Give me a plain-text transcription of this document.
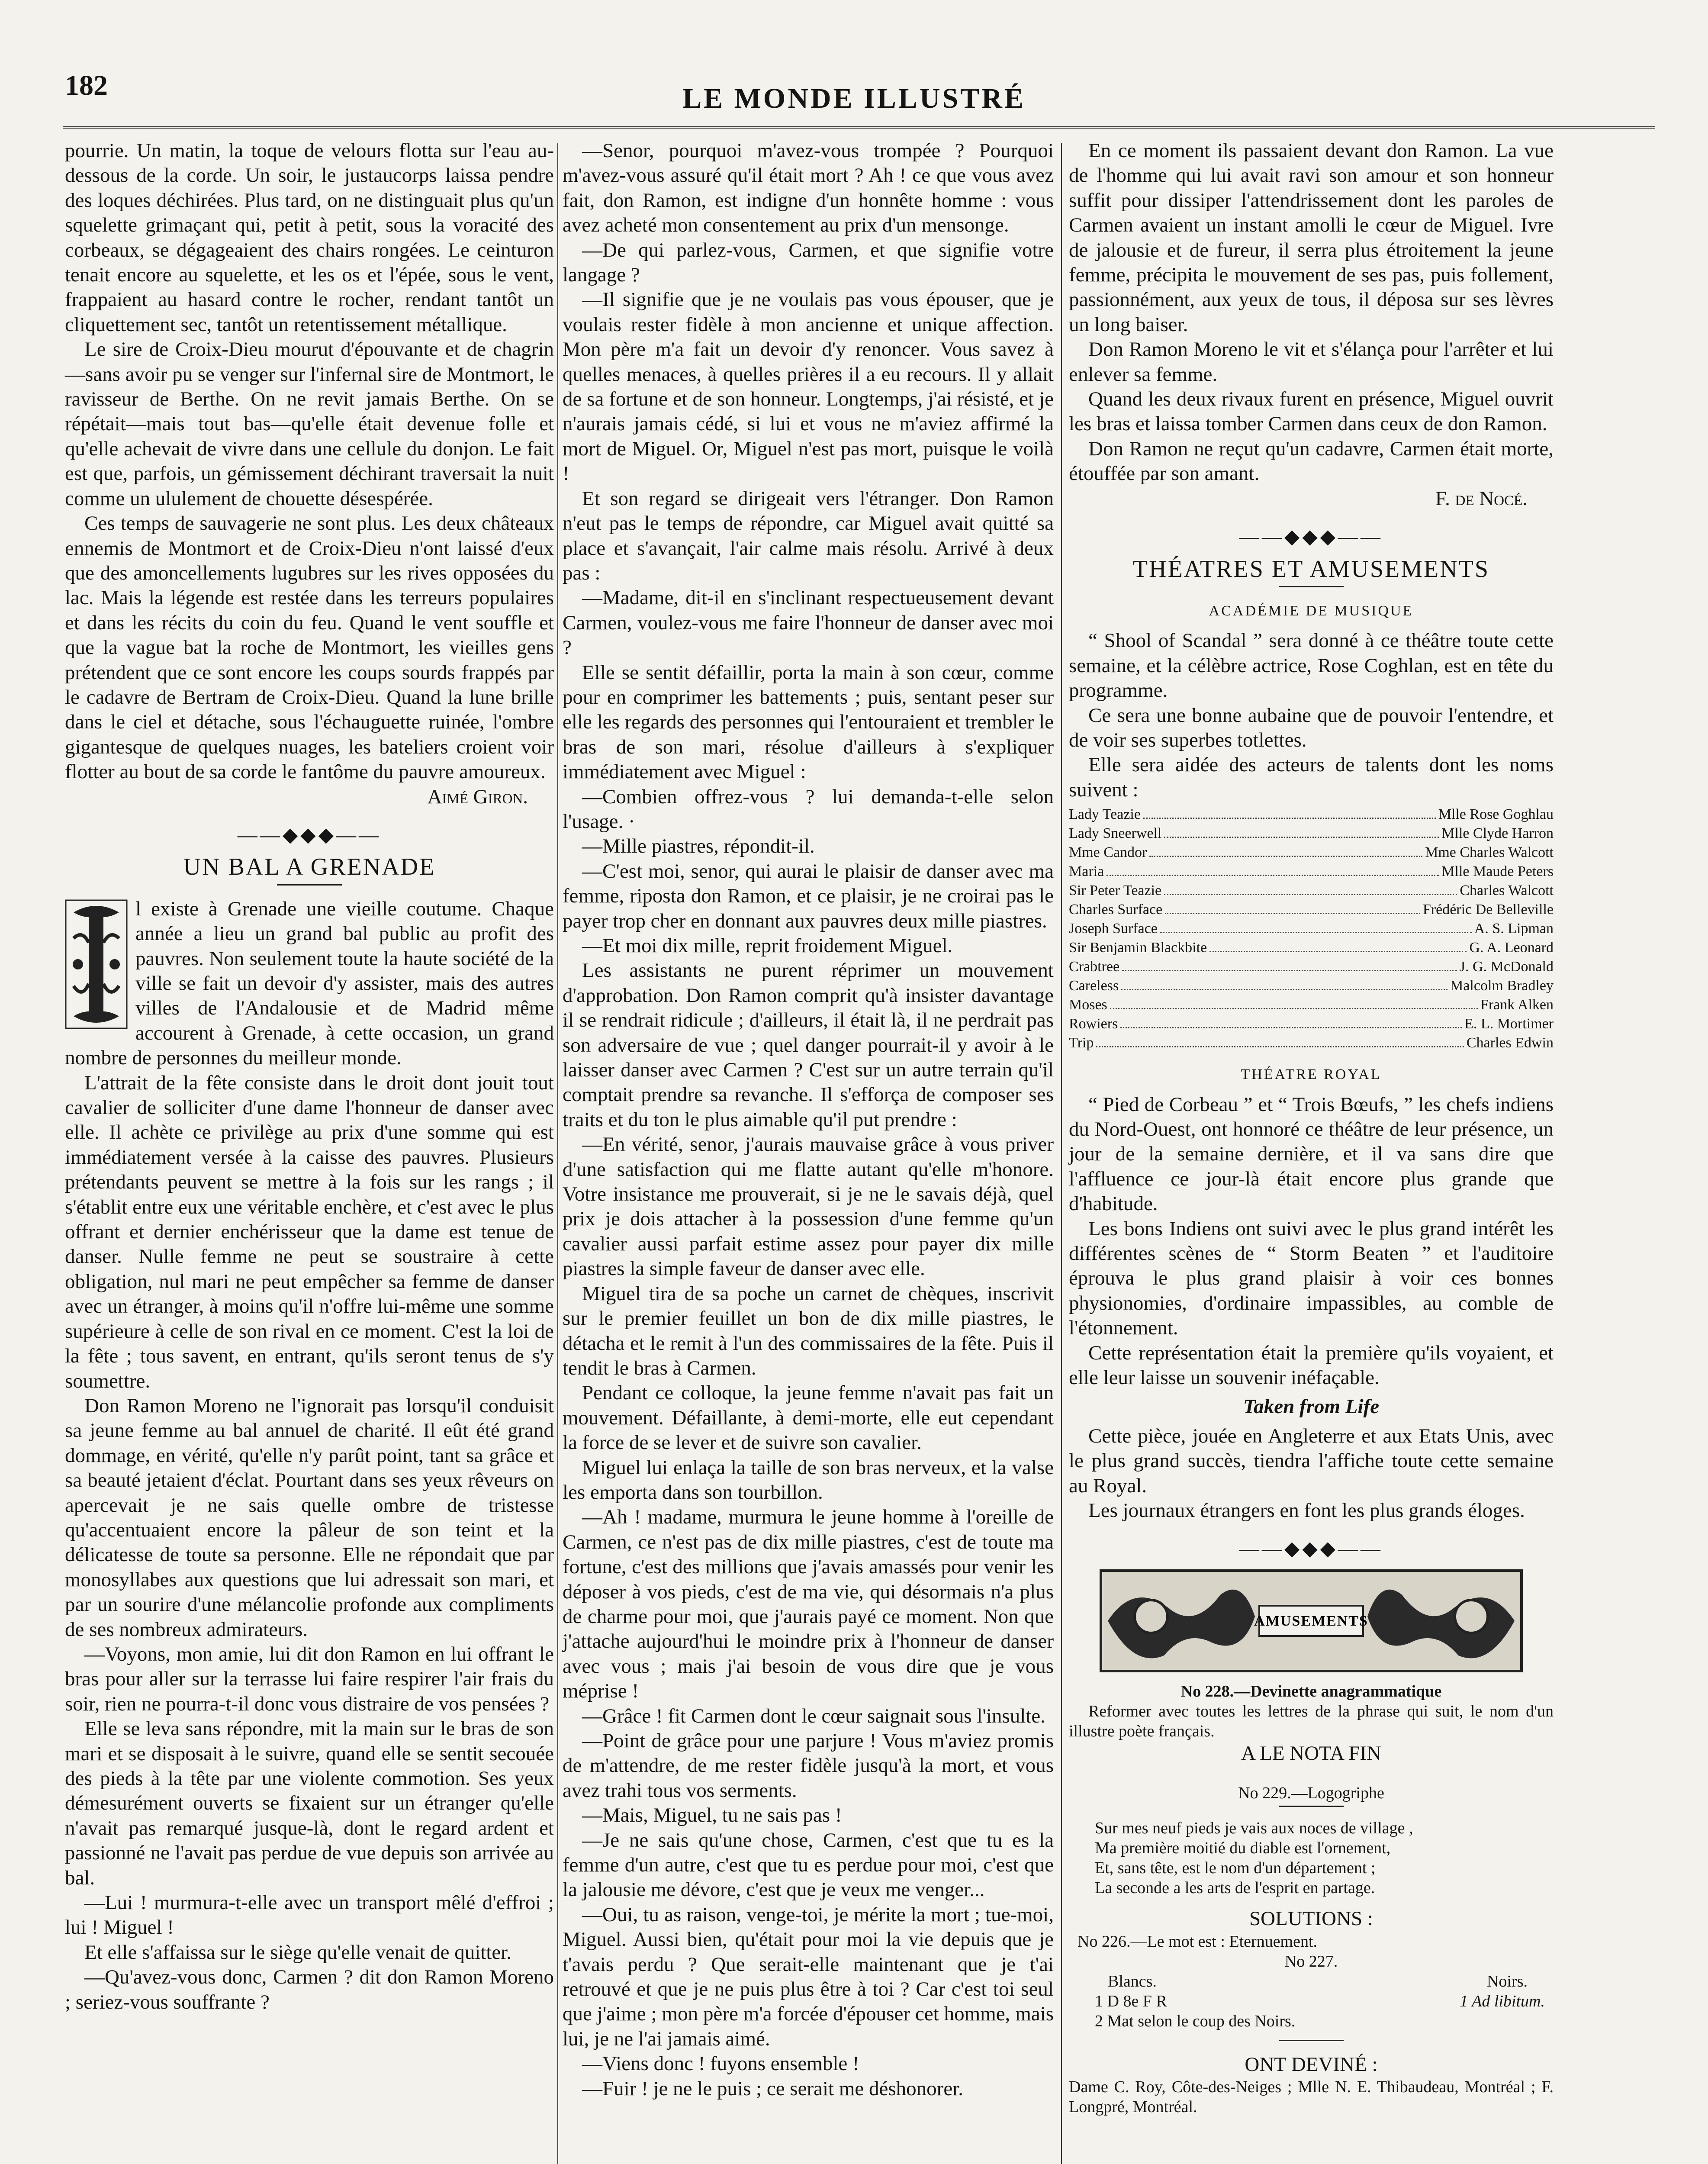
182	LE MONDE ILLUSTRÉ

pourrie. Un matin, la toque de velours flotta sur l'eau au-dessous de la corde. Un soir, le justaucorps laissa pendre des loques déchirées. Plus tard, on ne distinguait plus qu'un squelette grimaçant qui, petit à petit, sous la voracité des corbeaux, se dégageaient des chairs rongées. Le ceinturon tenait encore au squelette, et les os et l'épée, sous le vent, frappaient au hasard contre le rocher, rendant tantôt un cliquettement sec, tantôt un retentissement métallique.

Le sire de Croix-Dieu mourut d'épouvante et de chagrin—sans avoir pu se venger sur l'infernal sire de Montmort, le ravisseur de Berthe. On ne revit jamais Berthe. On se répétait—mais tout bas—qu'elle était devenue folle et qu'elle achevait de vivre dans une cellule du donjon. Le fait est que, parfois, un gémissement déchirant traversait la nuit comme un ululement de chouette désespérée.

Ces temps de sauvagerie ne sont plus. Les deux châteaux ennemis de Montmort et de Croix-Dieu n'ont laissé d'eux que des amoncellements lugubres sur les rives opposées du lac. Mais la légende est restée dans les terreurs populaires et dans les récits du coin du feu. Quand le vent souffle et que la vague bat la roche de Montmort, les vieilles gens prétendent que ce sont encore les coups sourds frappés par le cadavre de Bertram de Croix-Dieu. Quand la lune brille dans le ciel et détache, sous l'échauguette ruinée, l'ombre gigantesque de quelques nuages, les bateliers croient voir flotter au bout de sa corde le fantôme du pauvre amoureux.

Aimé Giron.
——◆◆◆——
UN BAL A GRENADE

l existe à Grenade une vieille coutume. Chaque année a lieu un grand bal public au profit des pauvres. Non seulement toute la haute société de la ville se fait un devoir d'y assister, mais des autres villes de l'Andalousie et de Madrid même accourent à Grenade, à cette occasion, un grand nombre de personnes du meilleur monde.

L'attrait de la fête consiste dans le droit dont jouit tout cavalier de solliciter d'une dame l'honneur de danser avec elle. Il achète ce privilège au prix d'une somme qui est immédiatement versée à la caisse des pauvres. Plusieurs prétendants peuvent se mettre à la fois sur les rangs ; il s'établit entre eux une véritable enchère, et c'est avec le plus offrant et dernier enchérisseur que la dame est tenue de danser. Nulle femme ne peut se soustraire à cette obligation, nul mari ne peut empêcher sa femme de danser avec un étranger, à moins qu'il n'offre lui-même une somme supérieure à celle de son rival en ce moment. C'est la loi de la fête ; tous savent, en entrant, qu'ils seront tenus de s'y soumettre.

Don Ramon Moreno ne l'ignorait pas lorsqu'il conduisit sa jeune femme au bal annuel de charité. Il eût été grand dommage, en vérité, qu'elle n'y parût point, tant sa grâce et sa beauté jetaient d'éclat. Pourtant dans ses yeux rêveurs on apercevait je ne sais quelle ombre de tristesse qu'accentuaient encore la pâleur de son teint et la délicatesse de toute sa personne. Elle ne répondait que par monosyllabes aux questions que lui adressait son mari, et par un sourire d'une mélancolie profonde aux compliments de ses nombreux admirateurs.

—Voyons, mon amie, lui dit don Ramon en lui offrant le bras pour aller sur la terrasse lui faire respirer l'air frais du soir, rien ne pourra-t-il donc vous distraire de vos pensées ?

Elle se leva sans répondre, mit la main sur le bras de son mari et se disposait à le suivre, quand elle se sentit secouée des pieds à la tête par une violente commotion. Ses yeux démesurément ouverts se fixaient sur un étranger qu'elle n'avait pas remarqué jusque-là, dont le regard ardent et passionné ne l'avait pas perdue de vue depuis son arrivée au bal.

—Lui ! murmura-t-elle avec un transport mêlé d'effroi ; lui ! Miguel !

Et elle s'affaissa sur le siège qu'elle venait de quitter.

—Qu'avez-vous donc, Carmen ? dit don Ramon Moreno ; seriez-vous souffrante ?

—Senor, pourquoi m'avez-vous trompée ? Pourquoi m'avez-vous assuré qu'il était mort ? Ah ! ce que vous avez fait, don Ramon, est indigne d'un honnête homme : vous avez acheté mon consentement au prix d'un mensonge.

—De qui parlez-vous, Carmen, et que signifie votre langage ?

—Il signifie que je ne voulais pas vous épouser, que je voulais rester fidèle à mon ancienne et unique affection. Mon père m'a fait un devoir d'y renoncer. Vous savez à quelles menaces, à quelles prières il a eu recours. Il y allait de sa fortune et de son honneur. Longtemps, j'ai résisté, et je n'aurais jamais cédé, si lui et vous ne m'aviez affirmé la mort de Miguel. Or, Miguel n'est pas mort, puisque le voilà !

Et son regard se dirigeait vers l'étranger. Don Ramon n'eut pas le temps de répondre, car Miguel avait quitté sa place et s'avançait, l'air calme mais résolu. Arrivé à deux pas :

—Madame, dit-il en s'inclinant respectueusement devant Carmen, voulez-vous me faire l'honneur de danser avec moi ?

Elle se sentit défaillir, porta la main à son cœur, comme pour en comprimer les battements ; puis, sentant peser sur elle les regards des personnes qui l'entouraient et trembler le bras de son mari, résolue d'ailleurs à s'expliquer immédiatement avec Miguel :

—Combien offrez-vous ? lui demanda-t-elle selon l'usage. ·

—Mille piastres, répondit-il.

—C'est moi, senor, qui aurai le plaisir de danser avec ma femme, riposta don Ramon, et ce plaisir, je ne croirai pas le payer trop cher en donnant aux pauvres deux mille piastres.

—Et moi dix mille, reprit froidement Miguel.

Les assistants ne purent réprimer un mouvement d'approbation. Don Ramon comprit qu'à insister davantage il se rendrait ridicule ; d'ailleurs, il était là, il ne perdrait pas son adversaire de vue ; quel danger pourrait-il y avoir à le laisser danser avec Carmen ? C'est sur un autre terrain qu'il comptait prendre sa revanche. Il s'efforça de composer ses traits et du ton le plus aimable qu'il put prendre :

—En vérité, senor, j'aurais mauvaise grâce à vous priver d'une satisfaction qui me flatte autant qu'elle m'honore. Votre insistance me prouverait, si je ne le savais déjà, quel prix je dois attacher à la possession d'une femme qu'un cavalier aussi parfait estime assez pour payer dix mille piastres la simple faveur de danser avec elle.

Miguel tira de sa poche un carnet de chèques, inscrivit sur le premier feuillet un bon de dix mille piastres, le détacha et le remit à l'un des commissaires de la fête. Puis il tendit le bras à Carmen.

Pendant ce colloque, la jeune femme n'avait pas fait un mouvement. Défaillante, à demi-morte, elle eut cependant la force de se lever et de suivre son cavalier.

Miguel lui enlaça la taille de son bras nerveux, et la valse les emporta dans son tourbillon.

—Ah ! madame, murmura le jeune homme à l'oreille de Carmen, ce n'est pas de dix mille piastres, c'est de toute ma fortune, c'est des millions que j'avais amassés pour venir les déposer à vos pieds, c'est de ma vie, qui désormais n'a plus de charme pour moi, que j'aurais payé ce moment. Non que j'attache aujourd'hui le moindre prix à l'honneur de danser avec vous ; mais j'ai besoin de vous dire que je vous méprise !

—Grâce ! fit Carmen dont le cœur saignait sous l'insulte.

—Point de grâce pour une parjure ! Vous m'aviez promis de m'attendre, de me rester fidèle jusqu'à la mort, et vous avez trahi tous vos serments.

—Mais, Miguel, tu ne sais pas !

—Je ne sais qu'une chose, Carmen, c'est que tu es la femme d'un autre, c'est que tu es perdue pour moi, c'est que la jalousie me dévore, c'est que je veux me venger...

—Oui, tu as raison, venge-toi, je mérite la mort ; tue-moi, Miguel. Aussi bien, qu'était pour moi la vie depuis que je t'avais perdu ? Que serait-elle maintenant que je t'ai retrouvé et que je ne puis plus être à toi ? Car c'est toi seul que j'aime ; mon père m'a forcée d'épouser cet homme, mais lui, je ne l'ai jamais aimé.

—Viens donc ! fuyons ensemble !

—Fuir ! je ne le puis ; ce serait me déshonorer.

En ce moment ils passaient devant don Ramon. La vue de l'homme qui lui avait ravi son amour et son honneur suffit pour dissiper l'attendrissement dont les paroles de Carmen avaient un instant amolli le cœur de Miguel. Ivre de jalousie et de fureur, il serra plus étroitement la jeune femme, précipita le mouvement de ses pas, puis follement, passionnément, aux yeux de tous, il déposa sur ses lèvres un long baiser.

Don Ramon Moreno le vit et s'élança pour l'arrêter et lui enlever sa femme.

Quand les deux rivaux furent en présence, Miguel ouvrit les bras et laissa tomber Carmen dans ceux de don Ramon.

Don Ramon ne reçut qu'un cadavre, Carmen était morte, étouffée par son amant.

F. de Nocé.
——◆◆◆——
THÉATRES ET AMUSEMENTS
ACADÉMIE DE MUSIQUE

“ Shool of Scandal ” sera donné à ce théâtre toute cette semaine, et la célèbre actrice, Rose Coghlan, est en tête du programme.

Ce sera une bonne aubaine que de pouvoir l'entendre, et de voir ses superbes totlettes.

Elle sera aidée des acteurs de talents dont les noms suivent :

Lady Teazie	Mlle Rose Goghlau
Lady Sneerwell	Mlle Clyde Harron
Mme Candor	Mme Charles Walcott
Maria	Mlle Maude Peters
Sir Peter Teazie	Charles Walcott
Charles Surface	Frédéric De Belleville
Joseph Surface	A. S. Lipman
Sir Benjamin Blackbite	G. A. Leonard
Crabtree	J. G. McDonald
Careless	Malcolm Bradley
Moses	Frank Alken
Rowiers	E. L. Mortimer
Trip	Charles Edwin
THÉATRE ROYAL

“ Pied de Corbeau ” et “ Trois Bœufs, ” les chefs indiens du Nord-Ouest, ont honnoré ce théâtre de leur présence, un jour de la semaine dernière, et il va sans dire que l'affluence ce jour-là était encore plus grande que d'habitude.

Les bons Indiens ont suivi avec le plus grand intérêt les différentes scènes de “ Storm Beaten ” et l'auditoire éprouva le plus grand plaisir à voir ces bonnes physionomies, d'ordinaire impassibles, au comble de l'étonnement.

Cette représentation était la première qu'ils voyaient, et elle leur laisse un souvenir inéfaçable.

Taken from Life

Cette pièce, jouée en Angleterre et aux Etats Unis, avec le plus grand succès, tiendra l'affiche toute cette semaine au Royal.

Les journaux étrangers en font les plus grands éloges.

——◆◆◆——
AMUSEMENTS
No 228.—Devinette anagrammatique

Reformer avec toutes les lettres de la phrase qui suit, le nom d'un illustre poète français.

A LE NOTA FIN
No 229.—Logogriphe
Sur mes neuf pieds je vais aux noces de village ,
Ma première moitié du diable est l'ornement,
Et, sans tête, est le nom d'un département ;
La seconde a les arts de l'esprit en partage.
SOLUTIONS :
No 226.—Le mot est : Eternuement.
No 227.
Blancs.	Noirs.
1 D 8e F R	1 Ad libitum.
2 Mat selon le coup des Noirs.
ONT DEVINÉ :

Dame C. Roy, Côte-des-Neiges ; Mlle N. E. Thibaudeau, Montréal ; F. Longpré, Montréal.
